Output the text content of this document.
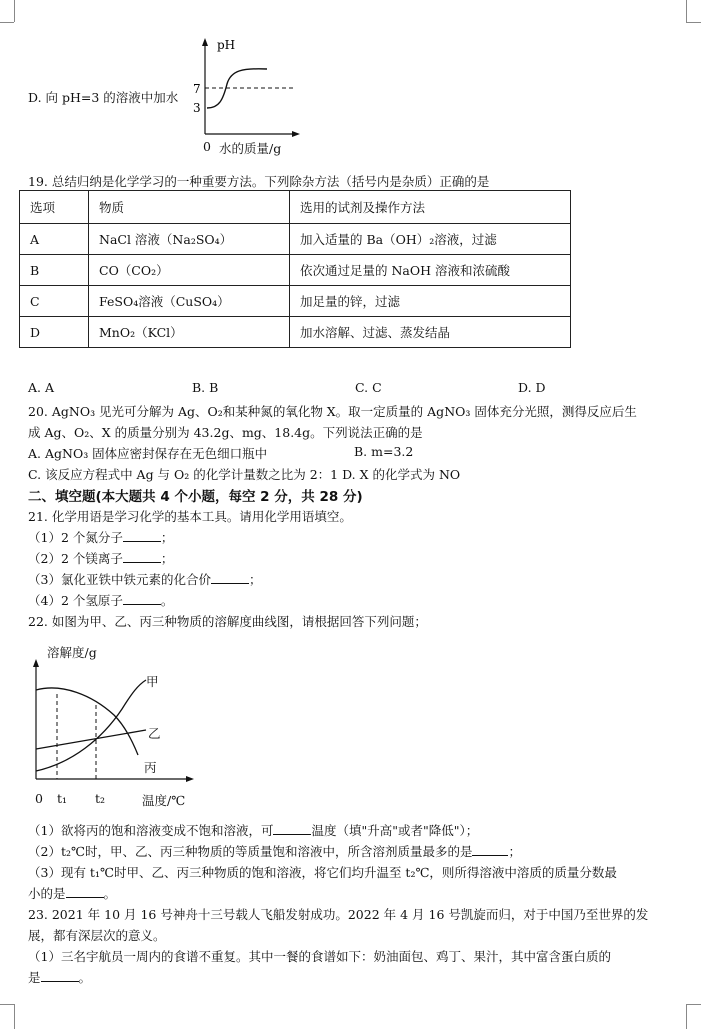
D. 向 pH=3 的溶液中加水
pH
7
3
0 水的质量/g
19. 总结归纳是化学学习的一种重要方法。下列除杂方法（括号内是杂质）正确的是
选项	物质	选用的试剂及操作方法
A	NaCl 溶液（Na₂SO₄）	加入适量的 Ba（OH）₂溶液，过滤
B	CO（CO₂）	依次通过足量的 NaOH 溶液和浓硫酸
C	FeSO₄溶液（CuSO₄）	加足量的锌，过滤
D	MnO₂（KCl）	加水溶解、过滤、蒸发结晶
A. A	B. B	C. C	D. D
20. AgNO₃ 见光可分解为 Ag、O₂和某种氮的氧化物 X。取一定质量的 AgNO₃ 固体充分光照，测得反应后生
成 Ag、O₂、X 的质量分别为 43.2g、mg、18.4g。下列说法正确的是
A. AgNO₃ 固体应密封保存在无色细口瓶中	B. m=3.2
C. 该反应方程式中 Ag 与 O₂ 的化学计量数之比为 2：1 D. X 的化学式为 NO
二、填空题(本大题共 4 个小题，每空 2 分，共 28 分)
21. 化学用语是学习化学的基本工具。请用化学用语填空。
（1）2 个氮分子	；
（2）2 个镁离子	；
（3）氯化亚铁中铁元素的化合价	；
（4）2 个氢原子	。
22. 如图为甲、乙、丙三种物质的溶解度曲线图，请根据回答下列问题；
溶解度/g
甲
乙
丙
0 t₁ t₂	温度/℃
（1）欲将丙的饱和溶液变成不饱和溶液，可	温度（填"升高"或者"降低"）；
（2）t₂℃时，甲、乙、丙三种物质的等质量饱和溶液中，所含溶剂质量最多的是	；
（3）现有 t₁℃时甲、乙、丙三种物质的饱和溶液，将它们均升温至 t₂℃，则所得溶液中溶质的质量分数最
小的是	。
23. 2021 年 10 月 16 号神舟十三号载人飞船发射成功。2022 年 4 月 16 号凯旋而归，对于中国乃至世界的发
展，都有深层次的意义。
（1）三名宇航员一周内的食谱不重复。其中一餐的食谱如下：奶油面包、鸡丁、果汁，其中富含蛋白质的
是	。
